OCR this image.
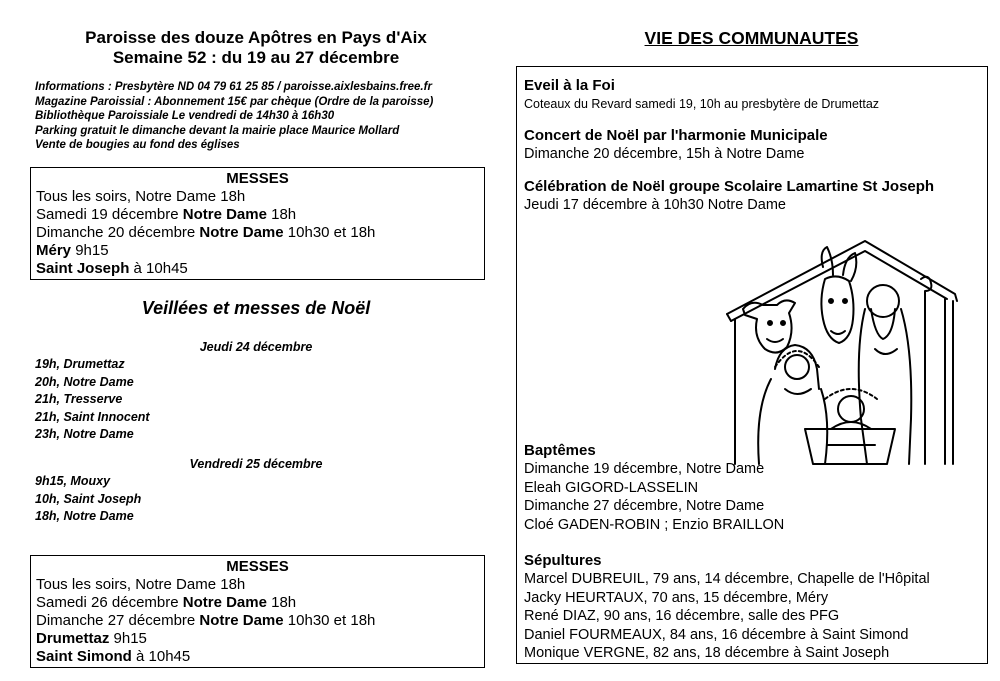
Paroisse des douze Apôtres en Pays d'Aix
Semaine 52 : du 19 au 27 décembre
Informations : Presbytère ND 04 79 61 25 85 / paroisse.aixlesbains.free.fr
Magazine Paroissial : Abonnement 15€ par chèque (Ordre de la paroisse)
Bibliothèque Paroissiale Le vendredi de 14h30 à 16h30
Parking gratuit le dimanche devant la mairie place Maurice Mollard
Vente de bougies au fond des églises
MESSES
Tous les soirs, Notre Dame 18h
Samedi 19 décembre Notre Dame 18h
Dimanche 20 décembre Notre Dame 10h30 et 18h
Méry 9h15
Saint Joseph à 10h45
Veillées et messes de Noël
Jeudi 24 décembre
19h, Drumettaz
20h, Notre Dame
21h, Tresserve
21h, Saint Innocent
23h, Notre Dame
Vendredi 25 décembre
9h15, Mouxy
10h, Saint Joseph
18h, Notre Dame
MESSES
Tous les soirs, Notre Dame 18h
Samedi 26 décembre Notre Dame 18h
Dimanche 27 décembre Notre Dame 10h30 et 18h
Drumettaz 9h15
Saint Simond à 10h45
VIE DES COMMUNAUTES
Eveil à la Foi
Coteaux du Revard samedi 19, 10h au presbytère de Drumettaz
Concert de Noël par l'harmonie Municipale
Dimanche 20 décembre, 15h à Notre Dame
Célébration de Noël groupe Scolaire Lamartine St Joseph
Jeudi 17 décembre à 10h30 Notre Dame
Baptêmes
Dimanche 19 décembre, Notre Dame
Eleah GIGORD-LASSELIN
Dimanche 27 décembre, Notre Dame
Cloé GADEN-ROBIN ; Enzio BRAILLON
Sépultures
Marcel DUBREUIL, 79 ans, 14 décembre, Chapelle de l'Hôpital
Jacky HEURTAUX, 70 ans, 15 décembre, Méry
René DIAZ, 90 ans, 16 décembre, salle des PFG
Daniel FOURMEAUX, 84 ans, 16 décembre à Saint Simond
Monique VERGNE, 82 ans, 18 décembre à Saint Joseph
